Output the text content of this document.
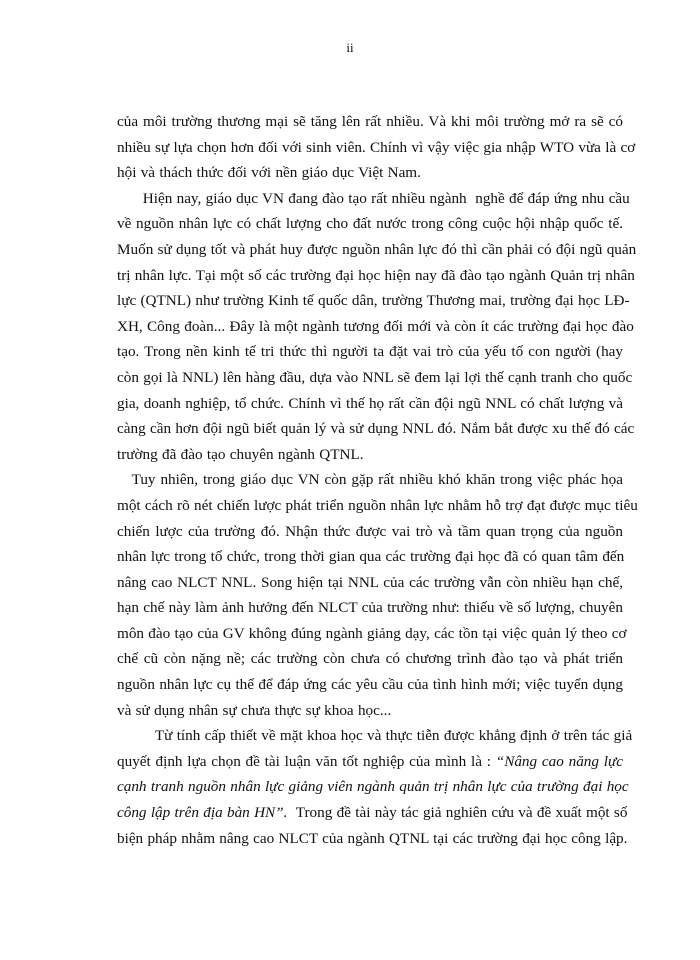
ii

của môi trường thương mại sẽ tăng lên rất nhiều. Và khi môi trường mở ra sẽ có
nhiều sự lựa chọn hơn đối với sinh viên. Chính vì vậy việc gia nhập WTO vừa là cơ
hội và thách thức đối với nền giáo dục Việt Nam.

Hiện nay, giáo dục VN đang đào tạo rất nhiều ngành  nghề để đáp ứng nhu cầu
về nguồn nhân lực có chất lượng cho đất nước trong công cuộc hội nhập quốc tế.
Muốn sử dụng tốt và phát huy được nguồn nhân lực đó thì cần phải có đội ngũ quản
trị nhân lực. Tại một số các trường đại học hiện nay đã đào tạo ngành Quản trị nhân
lực (QTNL) như trường Kinh tế quốc dân, trường Thương mai, trường đại học LĐ-
XH, Công đoàn... Đây là một ngành tương đối mới và còn ít các trường đại học đào
tạo. Trong nền kinh tế tri thức thì người ta đặt vai trò của yếu tố con người (hay
còn gọi là NNL) lên hàng đầu, dựa vào NNL sẽ đem lại lợi thế cạnh tranh cho quốc
gia, doanh nghiệp, tổ chức. Chính vì thế họ rất cần đội ngũ NNL có chất lượng và
càng cần hơn đội ngũ biết quản lý và sử dụng NNL đó. Nắm bắt được xu thế đó các
trường đã đào tạo chuyên ngành QTNL.

Tuy nhiên, trong giáo dục VN còn gặp rất nhiều khó khăn trong việc phác họa
một cách rõ nét chiến lược phát triển nguồn nhân lực nhằm hỗ trợ đạt được mục tiêu
chiến lược của trường đó. Nhận thức được vai trò và tầm quan trọng của nguồn
nhân lực trong tổ chức, trong thời gian qua các trường đại học đã có quan tâm đến
nâng cao NLCT NNL. Song hiện tại NNL của các trường vẫn còn nhiều hạn chế,
hạn chế này làm ảnh hưởng đến NLCT của trường như: thiếu về số lượng, chuyên
môn đào tạo của GV không đúng ngành giảng dạy, các tồn tại việc quản lý theo cơ
chế cũ còn nặng nề; các trường còn chưa có chương trình đào tạo và phát triển
nguồn nhân lực cụ thể để đáp ứng các yêu cầu của tình hình mới; việc tuyển dụng
và sử dụng nhân sự chưa thực sự khoa học...

Từ tính cấp thiết về mặt khoa học và thực tiễn được khẳng định ở trên tác giả
quyết định lựa chọn đề tài luận văn tốt nghiệp của mình là : “Nâng cao năng lực
cạnh tranh nguồn nhân lực giảng viên ngành quản trị nhân lực của trường đại học
công lập trên địa bàn HN”.  Trong đề tài này tác giả nghiên cứu và đề xuất một số
biện pháp nhằm nâng cao NLCT của ngành QTNL tại các trường đại học công lập.
